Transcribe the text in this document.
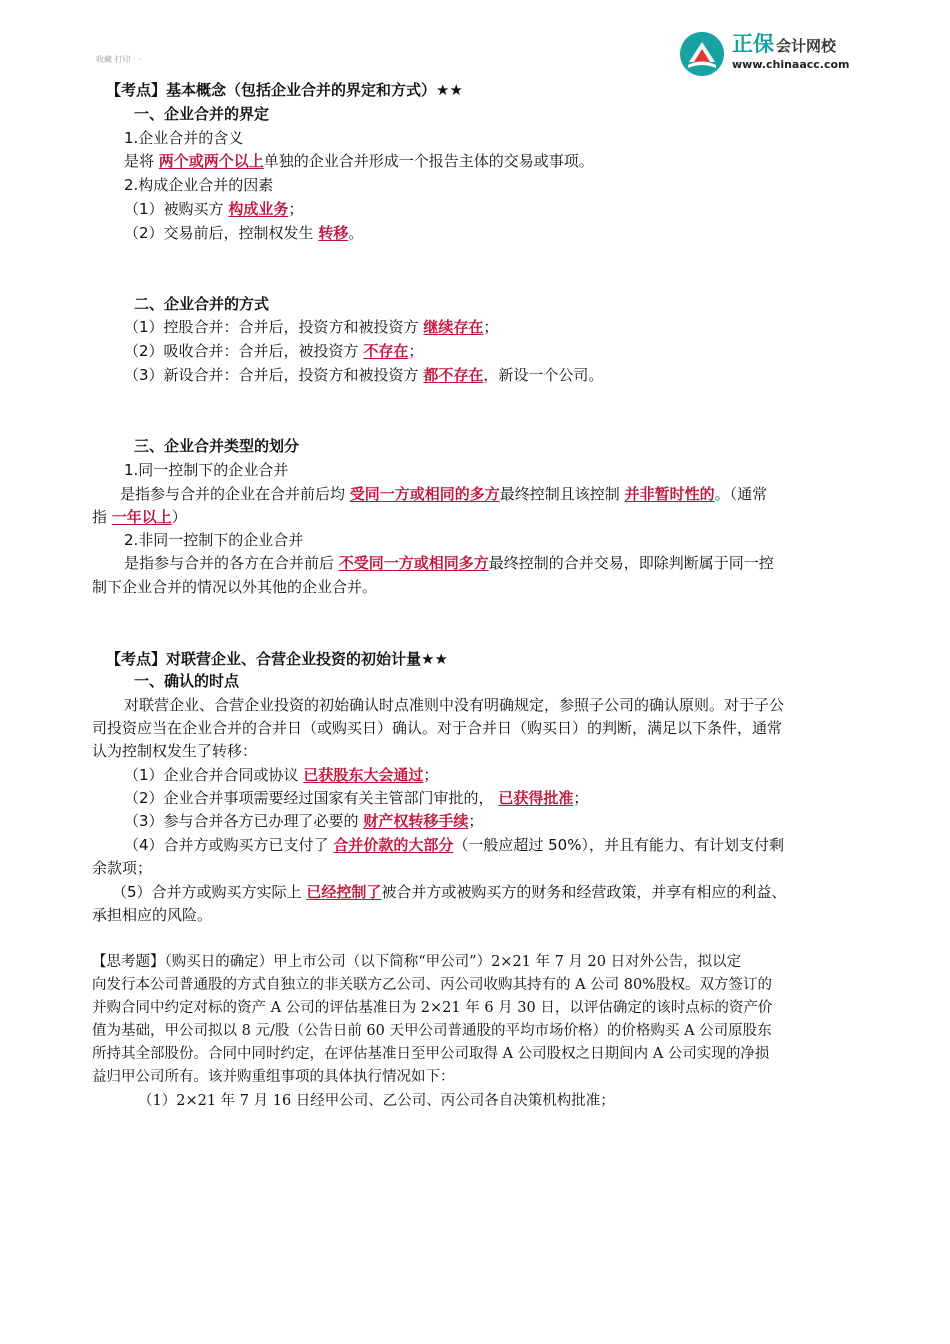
正保 会计网校
www.chinaacc.com
收藏 打印 · ·
【考点】基本概念（包括企业合并的界定和方式）★★
一、企业合并的界定
1.企业合并的含义
是将 两个或两个以上单独的企业合并形成一个报告主体的交易或事项。
2.构成企业合并的因素
（1）被购买方 构成业务；
（2）交易前后，控制权发生 转移。
二、企业合并的方式
（1）控股合并：合并后，投资方和被投资方 继续存在；
（2）吸收合并：合并后，被投资方 不存在；
（3）新设合并：合并后，投资方和被投资方 都不存在，新设一个公司。
三、企业合并类型的划分
1.同一控制下的企业合并
是指参与合并的企业在合并前后均 受同一方或相同的多方最终控制且该控制 并非暂时性的。（通常
指 一年以上）
2.非同一控制下的企业合并
是指参与合并的各方在合并前后 不受同一方或相同多方最终控制的合并交易，即除判断属于同一控
制下企业合并的情况以外其他的企业合并。
【考点】对联营企业、合营企业投资的初始计量★★
一、确认的时点
对联营企业、合营企业投资的初始确认时点准则中没有明确规定，参照子公司的确认原则。对于子公
司投资应当在企业合并的合并日（或购买日）确认。对于合并日（购买日）的判断，满足以下条件，通常
认为控制权发生了转移：
（1）企业合并合同或协议 已获股东大会通过；
（2）企业合并事项需要经过国家有关主管部门审批的， 已获得批准；
（3）参与合并各方已办理了必要的 财产权转移手续；
（4）合并方或购买方已支付了 合并价款的大部分（一般应超过 50%），并且有能力、有计划支付剩
余款项；
（5）合并方或购买方实际上 已经控制了被合并方或被购买方的财务和经营政策，并享有相应的利益、
承担相应的风险。
【思考题】（购买日的确定）甲上市公司（以下简称“甲公司”）2×21 年 7 月 20 日对外公告，拟以定
向发行本公司普通股的方式自独立的非关联方乙公司、丙公司收购其持有的 A 公司 80%股权。双方签订的
并购合同中约定对标的资产 A 公司的评估基准日为 2×21 年 6 月 30 日，以评估确定的该时点标的资产价
值为基础，甲公司拟以 8 元/股（公告日前 60 天甲公司普通股的平均市场价格）的价格购买 A 公司原股东
所持其全部股份。合同中同时约定，在评估基准日至甲公司取得 A 公司股权之日期间内 A 公司实现的净损
益归甲公司所有。该并购重组事项的具体执行情况如下：
（1）2×21 年 7 月 16 日经甲公司、乙公司、丙公司各自决策机构批准；
